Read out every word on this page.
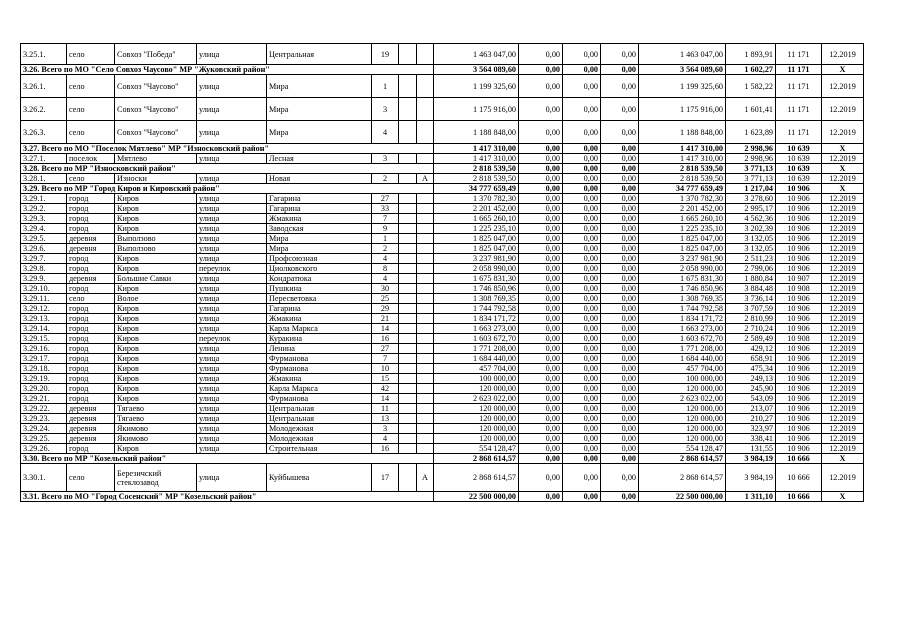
3.25.1.	село	Совхоз "Победа"	улица	Центральная	19			1 463 047,00	0,00	0,00	0,00	1 463 047,00	1 893,91	11 171	12.2019
3.26. Всего по МО "Село Совхоз Чаусово" МР "Жуковский район"								3 564 089,60	0,00	0,00	0,00	3 564 089,60	1 602,27	11 171	X
3.26.1.	село	Совхоз "Чаусово"	улица	Мира	1			1 199 325,60	0,00	0,00	0,00	1 199 325,60	1 582,22	11 171	12.2019
3.26.2.	село	Совхоз "Чаусово"	улица	Мира	3			1 175 916,00	0,00	0,00	0,00	1 175 916,00	1 601,41	11 171	12.2019
3.26.3.	село	Совхоз "Чаусово"	улица	Мира	4			1 188 848,00	0,00	0,00	0,00	1 188 848,00	1 623,89	11 171	12.2019
3.27. Всего по МО "Поселок Мятлево" МР "Износковский район"								1 417 310,00	0,00	0,00	0,00	1 417 310,00	2 998,96	10 639	X
3.27.1.	поселок	Мятлево	улица	Лесная	3			1 417 310,00	0,00	0,00	0,00	1 417 310,00	2 998,96	10 639	12.2019
3.28. Всего по МР "Износковский район"								2 818 539,50	0,00	0,00	0,00	2 818 539,50	3 771,13	10 639	X
3.28.1.	село	Износки	улица	Новая	2		А	2 818 539,50	0,00	0,00	0,00	2 818 539,50	3 771,13	10 639	12.2019
3.29. Всего по МР "Город Киров и Кировский район"								34 777 659,49	0,00	0,00	0,00	34 777 659,49	1 217,04	10 906	X
3.29.1.	город	Киров	улица	Гагарина	27			1 370 782,30	0,00	0,00	0,00	1 370 782,30	3 278,60	10 906	12.2019
3.29.2.	город	Киров	улица	Гагарина	33			2 201 452,00	0,00	0,00	0,00	2 201 452,00	2 995,17	10 906	12.2019
3.29.3.	город	Киров	улица	Жмакина	7			1 665 260,10	0,00	0,00	0,00	1 665 260,10	4 562,36	10 906	12.2019
3.29.4.	город	Киров	улица	Заводская	9			1 225 235,10	0,00	0,00	0,00	1 225 235,10	3 202,39	10 906	12.2019
3.29.5.	деревня	Выползово	улица	Мира	1			1 825 047,00	0,00	0,00	0,00	1 825 047,00	3 132,05	10 906	12.2019
3.29.6.	деревня	Выползово	улица	Мира	2			1 825 047,00	0,00	0,00	0,00	1 825 047,00	3 132,05	10 906	12.2019
3.29.7.	город	Киров	улица	Профсоюзная	4			3 237 981,90	0,00	0,00	0,00	3 237 981,90	2 511,23	10 906	12.2019
3.29.8.	город	Киров	переулок	Циолковского	8			2 058 990,00	0,00	0,00	0,00	2 058 990,00	2 799,06	10 906	12.2019
3.29.9.	деревня	Большие Савки	улица	Кондратюка	4			1 675 831,30	0,00	0,00	0,00	1 675 831,30	1 880,84	10 907	12.2019
3.29.10.	город	Киров	улица	Пушкина	30			1 746 850,96	0,00	0,00	0,00	1 746 850,96	3 884,48	10 908	12.2019
3.29.11.	село	Волое	улица	Пересветовка	25			1 308 769,35	0,00	0,00	0,00	1 308 769,35	3 736,14	10 906	12.2019
3.29.12.	город	Киров	улица	Гагарина	29			1 744 792,58	0,00	0,00	0,00	1 744 792,58	3 707,59	10 906	12.2019
3.29.13.	город	Киров	улица	Жмакина	21			1 834 171,72	0,00	0,00	0,00	1 834 171,72	2 810,99	10 906	12.2019
3.29.14.	город	Киров	улица	Карла Маркса	14			1 663 273,00	0,00	0,00	0,00	1 663 273,00	2 710,24	10 906	12.2019
3.29.15.	город	Киров	переулок	Куракина	16			1 603 672,70	0,00	0,00	0,00	1 603 672,70	2 589,49	10 908	12.2019
3.29.16.	город	Киров	улица	Ленина	27			1 771 208,00	0,00	0,00	0,00	1 771 208,00	429,12	10 906	12.2019
3.29.17.	город	Киров	улица	Фурманова	7			1 684 440,00	0,00	0,00	0,00	1 684 440,00	658,91	10 906	12.2019
3.29.18.	город	Киров	улица	Фурманова	10			457 704,00	0,00	0,00	0,00	457 704,00	475,34	10 906	12.2019
3.29.19.	город	Киров	улица	Жмакина	15			100 000,00	0,00	0,00	0,00	100 000,00	249,13	10 906	12.2019
3.29.20.	город	Киров	улица	Карла Маркса	42			120 000,00	0,00	0,00	0,00	120 000,00	245,90	10 906	12.2019
3.29.21.	город	Киров	улица	Фурманова	14			2 623 022,00	0,00	0,00	0,00	2 623 022,00	543,09	10 906	12.2019
3.29.22.	деревня	Тягаево	улица	Центральная	11			120 000,00	0,00	0,00	0,00	120 000,00	213,07	10 906	12.2019
3.29.23.	деревня	Тягаево	улица	Центральная	13			120 000,00	0,00	0,00	0,00	120 000,00	210,27	10 906	12.2019
3.29.24.	деревня	Якимово	улица	Молодежная	3			120 000,00	0,00	0,00	0,00	120 000,00	323,97	10 906	12.2019
3.29.25.	деревня	Якимово	улица	Молодежная	4			120 000,00	0,00	0,00	0,00	120 000,00	338,41	10 906	12.2019
3.29.26.	город	Киров	улица	Строительная	16			554 128,47	0,00	0,00	0,00	554 128,47	131,55	10 906	12.2019
3.30. Всего по МР "Козельский район"								2 868 614,57	0,00	0,00	0,00	2 868 614,57	3 984,19	10 666	X
3.30.1.	село	Березичский стеклозавод	улица	Куйбышева	17		А	2 868 614,57	0,00	0,00	0,00	2 868 614,57	3 984,19	10 666	12.2019
3.31. Всего по МО "Город Сосенский" МР "Козельский район"								22 500 000,00	0,00	0,00	0,00	22 500 000,00	1 311,10	10 666	X
